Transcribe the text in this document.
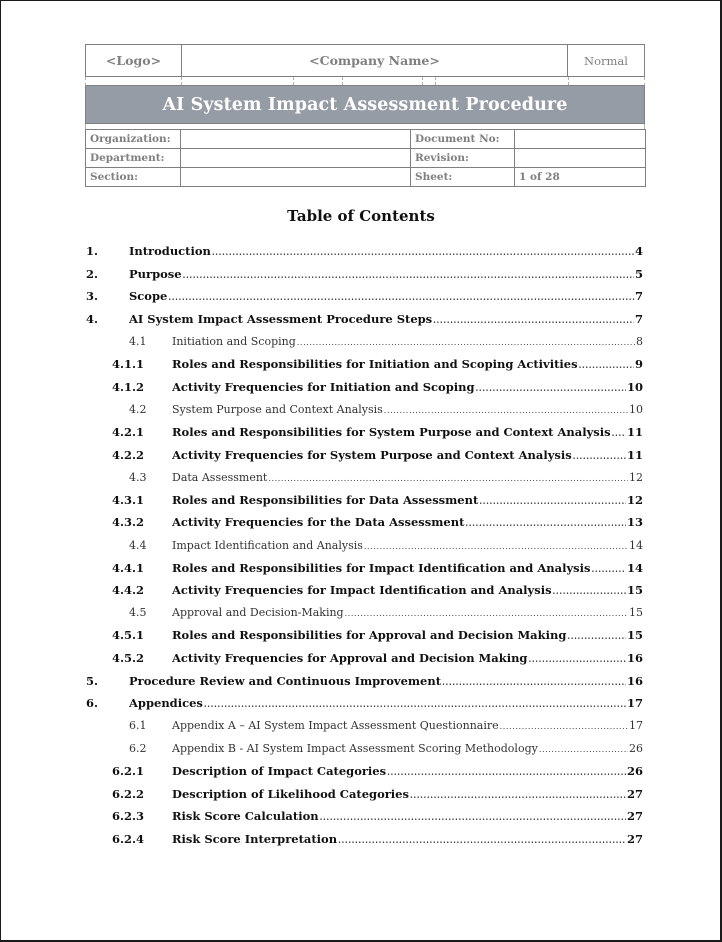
<Logo>	<Company Name>	Normal
AI System Impact Assessment Procedure
Organization:		Document No:	
Department:		Revision:	
Section:		Sheet:	1 of 28
Table of Contents
1.	Introduction .....	4
2.	Purpose .....	5
3.	Scope .....	7
4.	AI System Impact Assessment Procedure Steps .....	7
4.1	Initiation and Scoping .....	8
4.1.1	Roles and Responsibilities for Initiation and Scoping Activities .....	9
4.1.2	Activity Frequencies for Initiation and Scoping .....	10
4.2	System Purpose and Context Analysis .....	10
4.2.1	Roles and Responsibilities for System Purpose and Context Analysis ..... 11
4.2.2	Activity Frequencies for System Purpose and Context Analysis .....	11
4.3	Data Assessment .....	12
4.3.1	Roles and Responsibilities for Data Assessment .....	12
4.3.2	Activity Frequencies for the Data Assessment .....	13
4.4	Impact Identification and Analysis .....	14
4.4.1	Roles and Responsibilities for Impact Identification and Analysis .....	14
4.4.2	Activity Frequencies for Impact Identification and Analysis .....	15
4.5	Approval and Decision-Making .....	15
4.5.1	Roles and Responsibilities for Approval and Decision Making .....	15
4.5.2	Activity Frequencies for Approval and Decision Making .....	16
5.	Procedure Review and Continuous Improvement .....	16
6.	Appendices .....	17
6.1	Appendix A – AI System Impact Assessment Questionnaire .....	17
6.2	Appendix B - AI System Impact Assessment Scoring Methodology .....	26
6.2.1	Description of Impact Categories .....	26
6.2.2	Description of Likelihood Categories .....	27
6.2.3	Risk Score Calculation .....	27
6.2.4	Risk Score Interpretation .....	27
